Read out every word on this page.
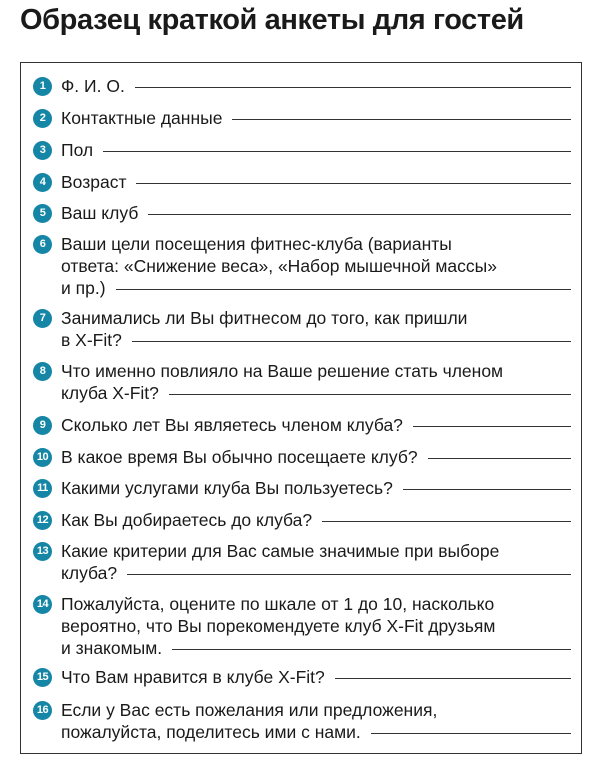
Образец краткой анкеты для гостей
1 Ф. И. О.
2 Контактные данные
3 Пол
4 Возраст
5 Ваш клуб
6 Ваши цели посещения фитнес-клуба (варианты
ответа: «Снижение веса», «Набор мышечной массы»
и пр.)
7 Занимались ли Вы фитнесом до того, как пришли
в X-Fit?
8 Что именно повлияло на Ваше решение стать членом
клуба X-Fit?
9 Сколько лет Вы являетесь членом клуба?
10 В какое время Вы обычно посещаете клуб?
11 Какими услугами клуба Вы пользуетесь?
12 Как Вы добираетесь до клуба?
13 Какие критерии для Вас самые значимые при выборе
клуба?
14 Пожалуйста, оцените по шкале от 1 до 10, насколько
вероятно, что Вы порекомендуете клуб X-Fit друзьям
и знакомым.
15 Что Вам нравится в клубе X-Fit?
16 Если у Вас есть пожелания или предложения,
пожалуйста, поделитесь ими с нами.
